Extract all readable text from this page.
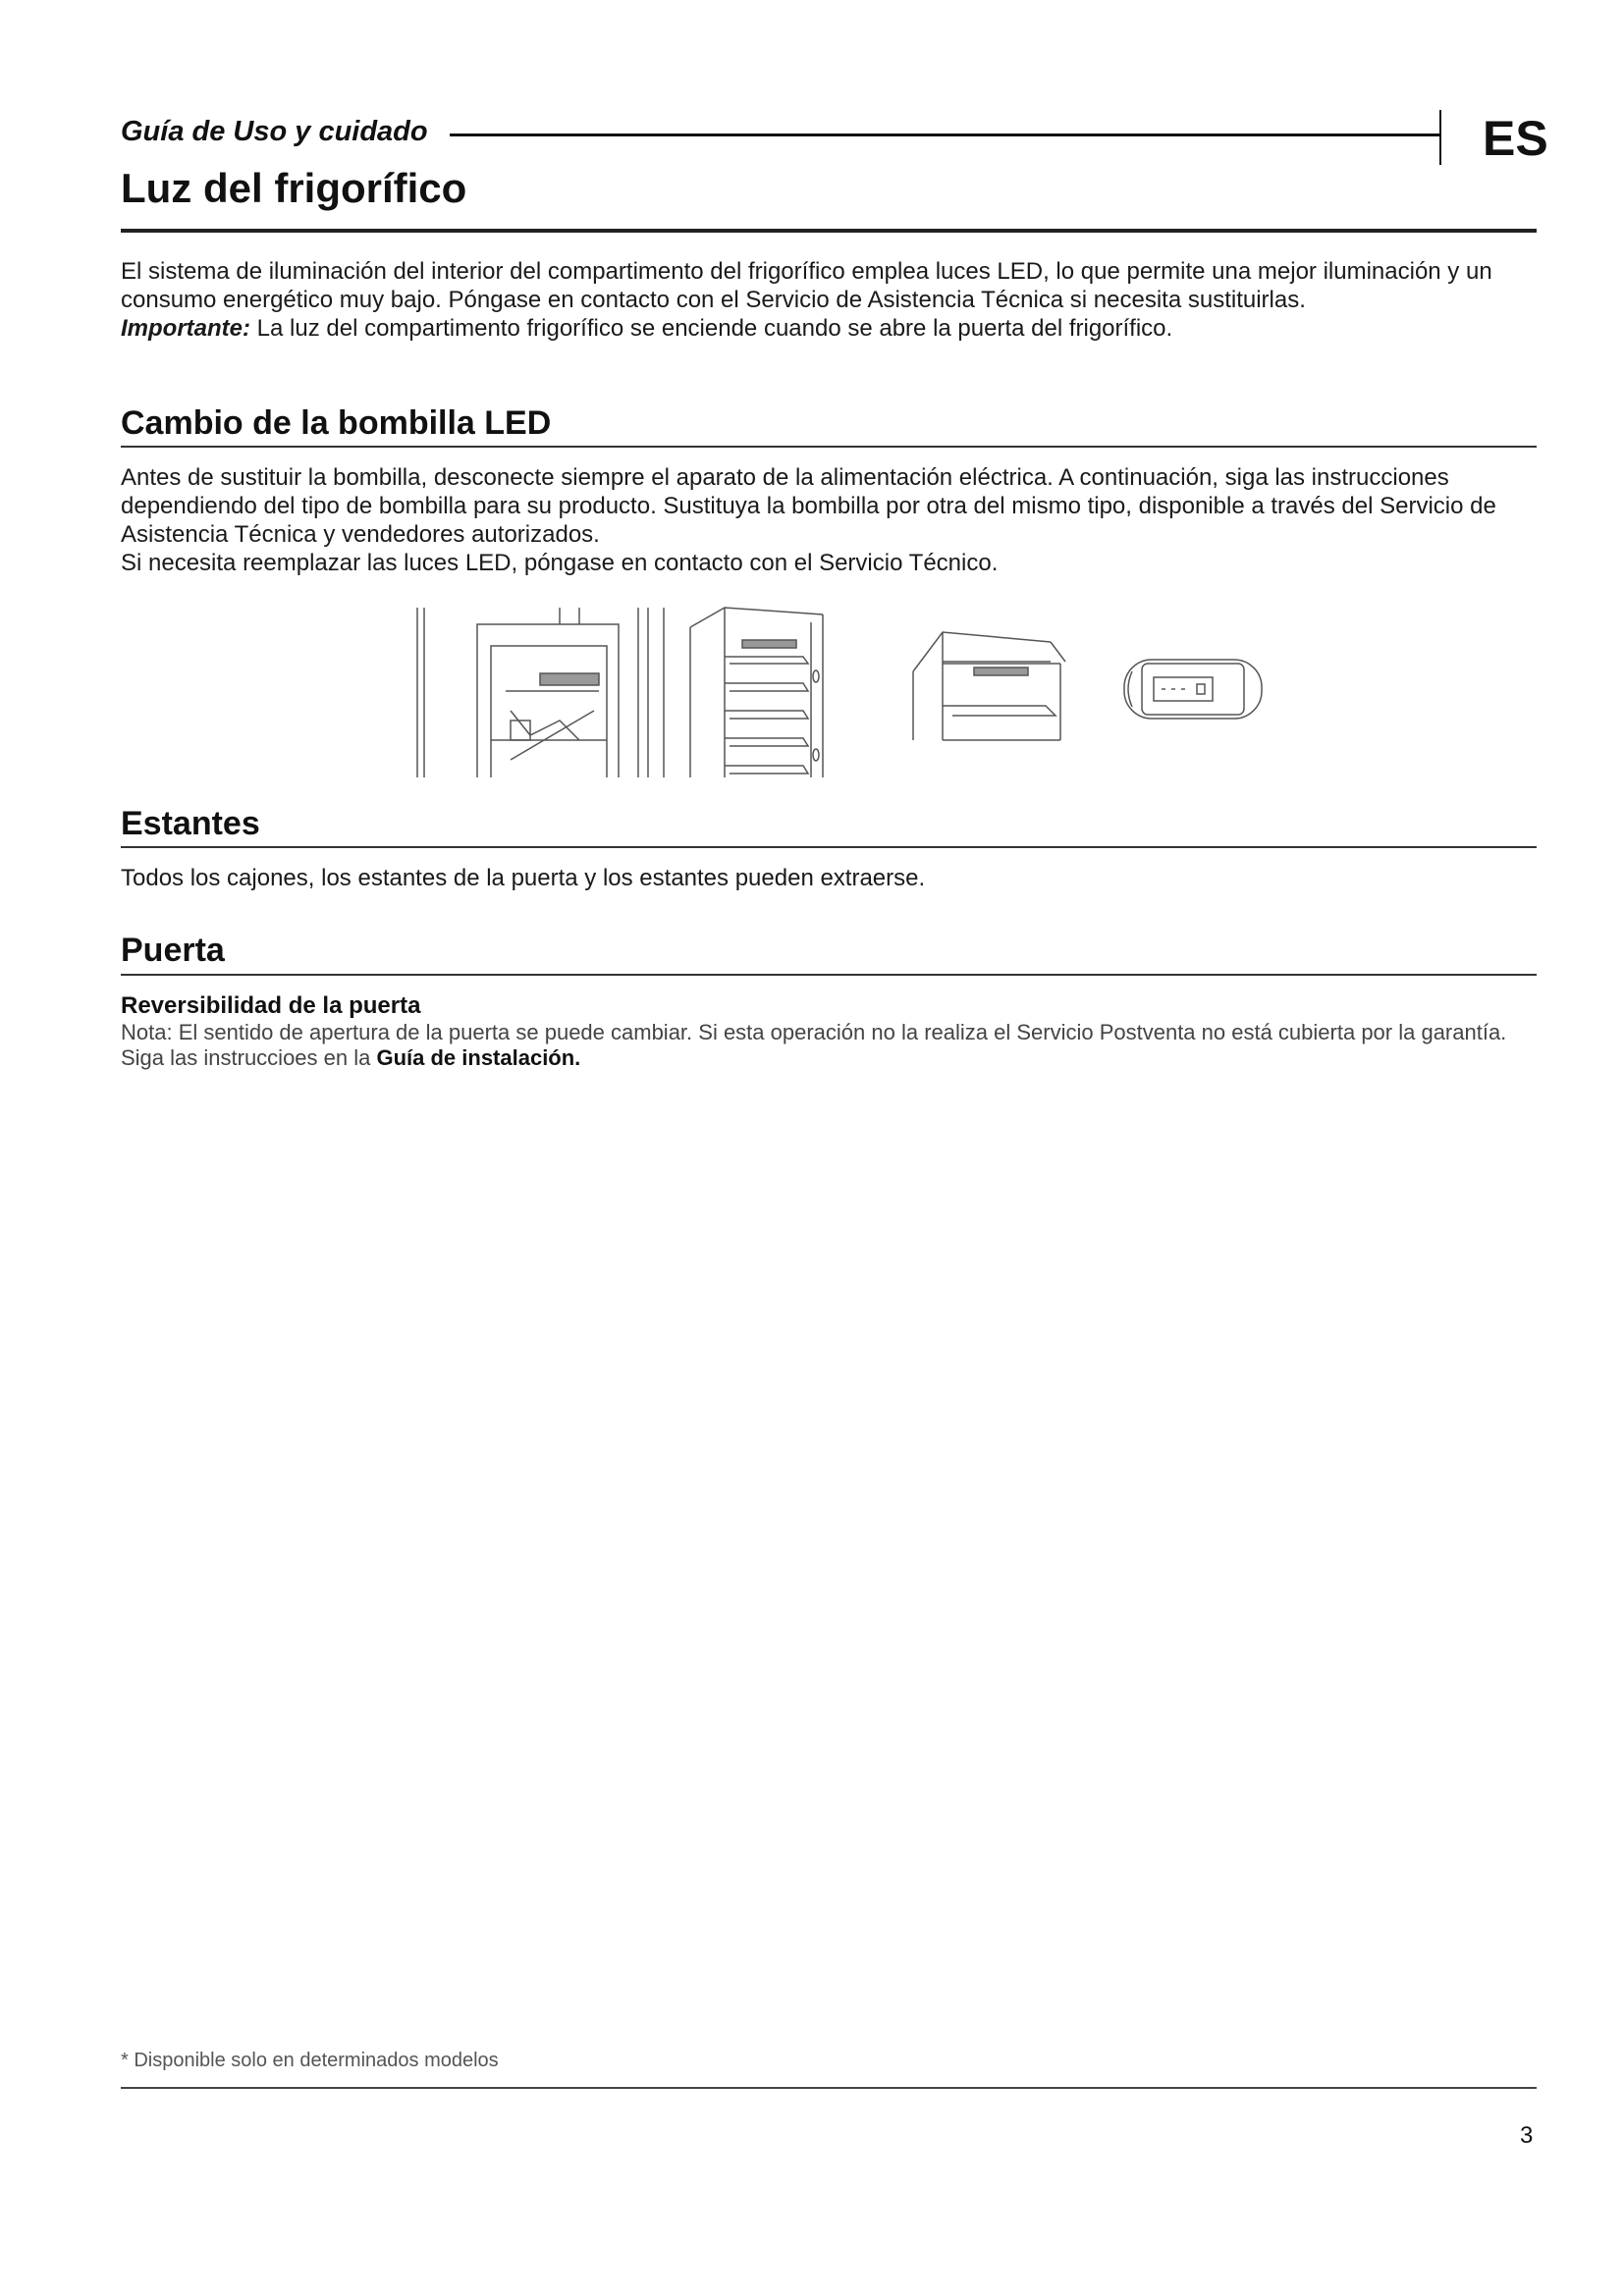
Guía de Uso y cuidado	ES
Luz del frigorífico

El sistema de iluminación del interior del compartimento del frigorífico emplea luces LED, lo que permite una mejor iluminación y un consumo energético muy bajo. Póngase en contacto con el Servicio de Asistencia Técnica si necesita sustituirlas.

Importante: La luz del compartimento frigorífico se enciende cuando se abre la puerta del frigorífico.

Cambio de la bombilla LED

Antes de sustituir la bombilla, desconecte siempre el aparato de la alimentación eléctrica. A continuación, siga las instrucciones dependiendo del tipo de bombilla para su producto. Sustituya la bombilla por otra del mismo tipo, disponible a través del Servicio de Asistencia Técnica y vendedores autorizados.

Si necesita reemplazar las luces LED, póngase en contacto con el Servicio Técnico.

Estantes
Todos los cajones, los estantes de la puerta y los estantes pueden extraerse.
Puerta

Reversibilidad de la puerta

Nota: El sentido de apertura de la puerta se puede cambiar. Si esta operación no la realiza el Servicio Postventa no está cubierta por la garantía.

Siga las instruccioes en la Guía de instalación.

* Disponible solo en determinados modelos
3
